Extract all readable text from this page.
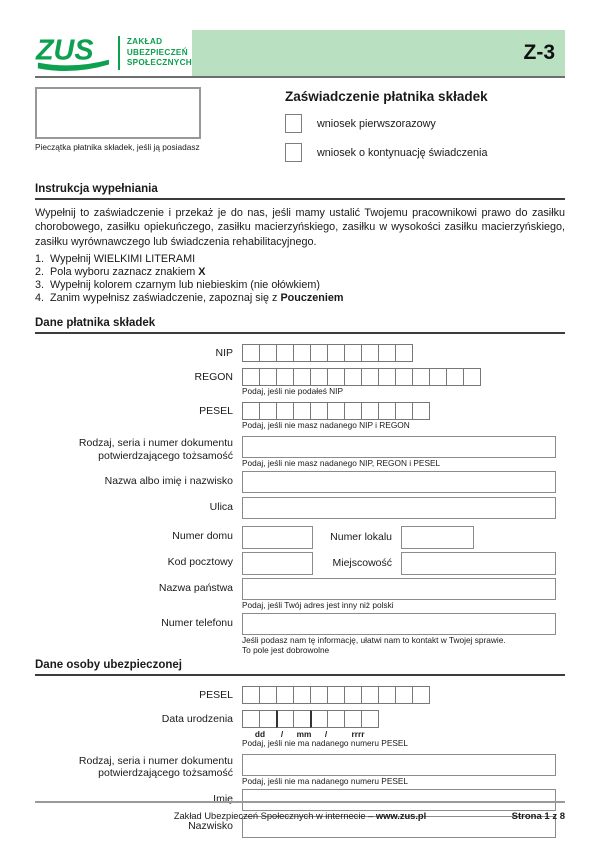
ZUS	ZAKŁAD
UBEZPIECZEŃ
SPOŁECZNYCH	Z-3
Pieczątka płatnika składek, jeśli ją posiadasz
Zaświadczenie płatnika składek
wniosek pierwszorazowy
wniosek o kontynuację świadczenia
Instrukcja wypełniania
Wypełnij to zaświadczenie i przekaż je do nas, jeśli mamy ustalić Twojemu pracownikowi prawo do zasiłku chorobowego, zasiłku opiekuńczego, zasiłku macierzyńskiego, zasiłku w wysokości zasiłku macierzyńskiego, zasiłku wyrównawczego lub świadczenia rehabilitacyjnego.
1. Wypełnij WIELKIMI LITERAMI
2. Pola wyboru zaznacz znakiem X
3. Wypełnij kolorem czarnym lub niebieskim (nie ołówkiem)
4. Zanim wypełnisz zaświadczenie, zapoznaj się z Pouczeniem
Dane płatnika składek
NIP
REGON
Podaj, jeśli nie podałeś NIP
PESEL
Podaj, jeśli nie masz nadanego NIP i REGON
Rodzaj, seria i numer dokumentu potwierdzającego tożsamość
Podaj, jeśli nie masz nadanego NIP, REGON i PESEL
Nazwa albo imię i nazwisko
Ulica
Numer domu	Numer lokalu
Kod pocztowy	Miejscowość
Nazwa państwa
Podaj, jeśli Twój adres jest inny niż polski
Numer telefonu
Jeśli podasz nam tę informację, ułatwi nam to kontakt w Twojej sprawie.
To pole jest dobrowolne
Dane osoby ubezpieczonej
PESEL
Data urodzenia
dd	/	mm	/	rrrr
Podaj, jeśli nie ma nadanego numeru PESEL
Rodzaj, seria i numer dokumentu potwierdzającego tożsamość
Podaj, jeśli nie ma nadanego numeru PESEL
Imię
Nazwisko
Zakład Ubezpieczeń Społecznych w internecie – www.zus.pl	Strona 1 z 8
